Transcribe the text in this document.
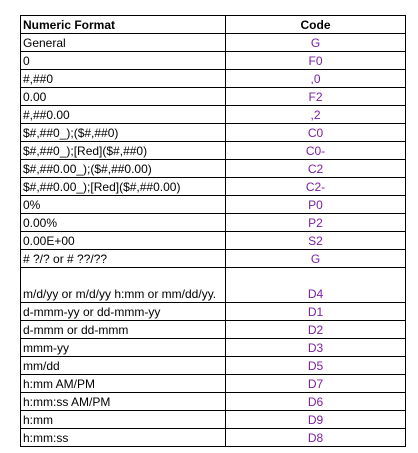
Numeric Format	Code
General	G
0	F0
#,##0	,0
0.00	F2
#,##0.00	,2
$#,##0_);($#,##0)	C0
$#,##0_);[Red]($#,##0)	C0-
$#,##0.00_);($#,##0.00)	C2
$#,##0.00_);[Red]($#,##0.00)	C2-
0%	P0
0.00%	P2
0.00E+00	S2
# ?/? or # ??/??	G
m/d/yy or m/d/yy h:mm or mm/dd/yy.	D4
d-mmm-yy or dd-mmm-yy	D1
d-mmm or dd-mmm	D2
mmm-yy	D3
mm/dd	D5
h:mm AM/PM	D7
h:mm:ss AM/PM	D6
h:mm	D9
h:mm:ss	D8
